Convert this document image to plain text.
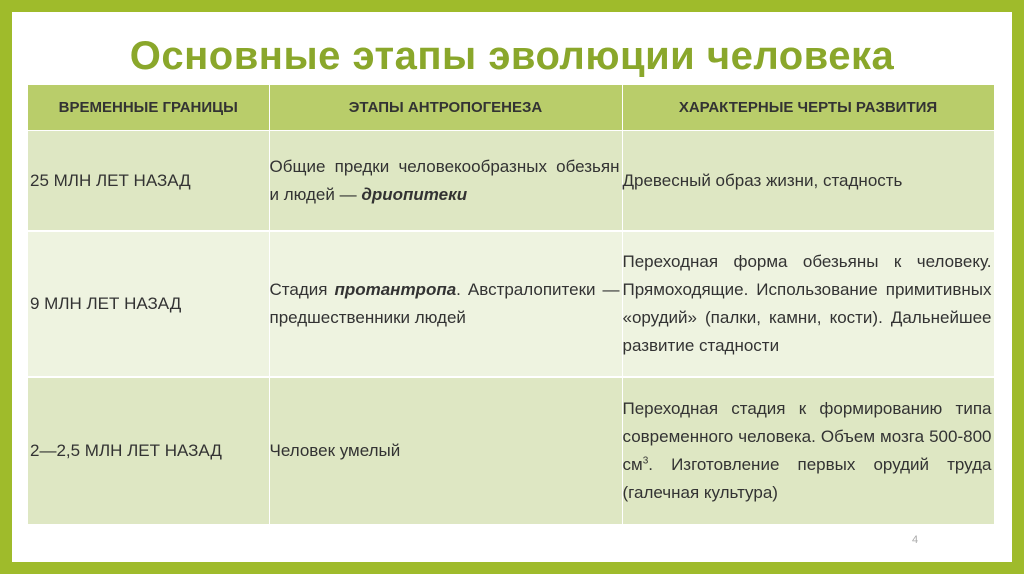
Основные этапы эволюции человека
ВРЕМЕННЫЕ ГРАНИЦЫ	ЭТАПЫ АНТРОПОГЕНЕЗА	ХАРАКТЕРНЫЕ ЧЕРТЫ РАЗВИТИЯ
25 МЛН ЛЕТ НАЗАД	Общие предки человекообразных обезьян и людей — дриопитеки	Древесный образ жизни, стадность
9 МЛН ЛЕТ НАЗАД	Стадия протантропа. Австралопитеки — предшественники людей	Переходная форма обезьяны к человеку. Прямоходящие. Использование примитивных «орудий» (палки, камни, кости). Дальнейшее развитие стадности
2—2,5 МЛН ЛЕТ НАЗАД	Человек умелый	Переходная стадия к формированию типа современного человека. Объем мозга 500-800 $см^3$. Изготовление первых орудий труда (галечная культура)
4
